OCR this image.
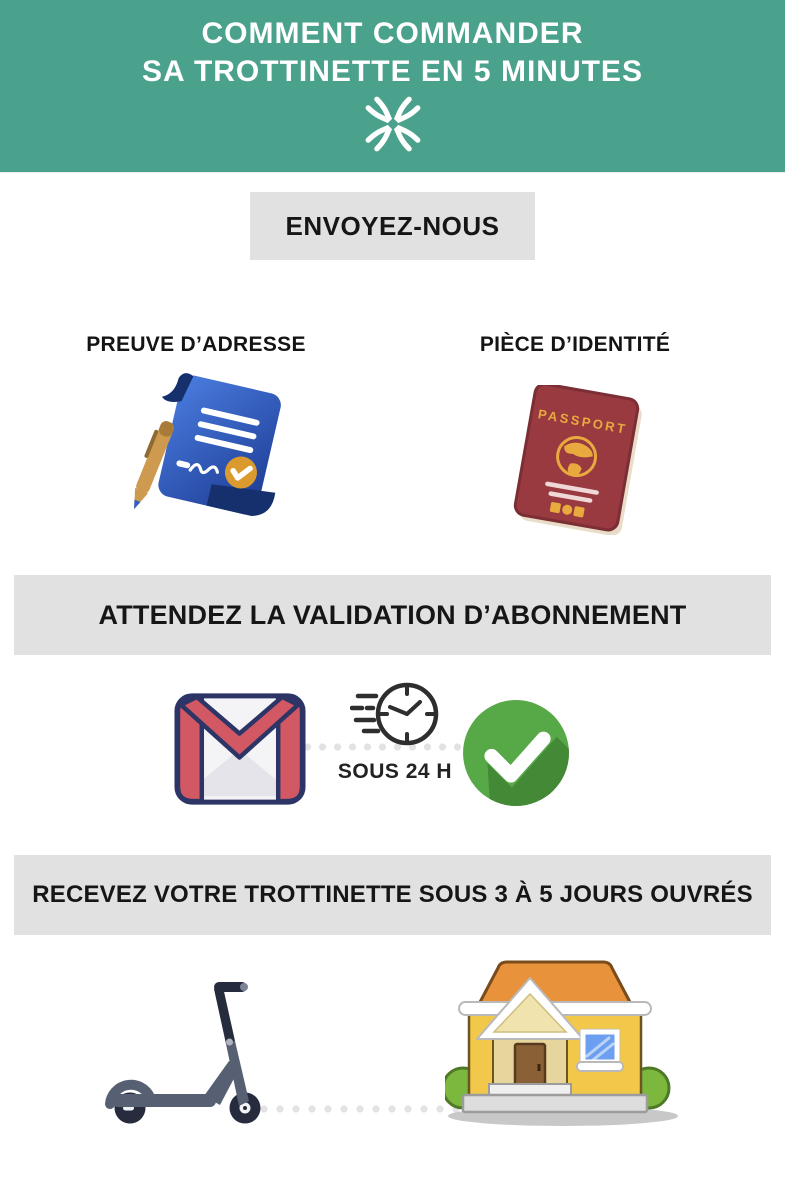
COMMENT COMMANDER
SA TROTTINETTE EN 5 MINUTES
ENVOYEZ-NOUS
PREUVE D’ADRESSE	PIÈCE D’IDENTITÉ
PASSPORT
ATTENDEZ LA VALIDATION D’ABONNEMENT
SOUS 24 H
RECEVEZ VOTRE TROTTINETTE SOUS 3 À 5 JOURS OUVRÉS
